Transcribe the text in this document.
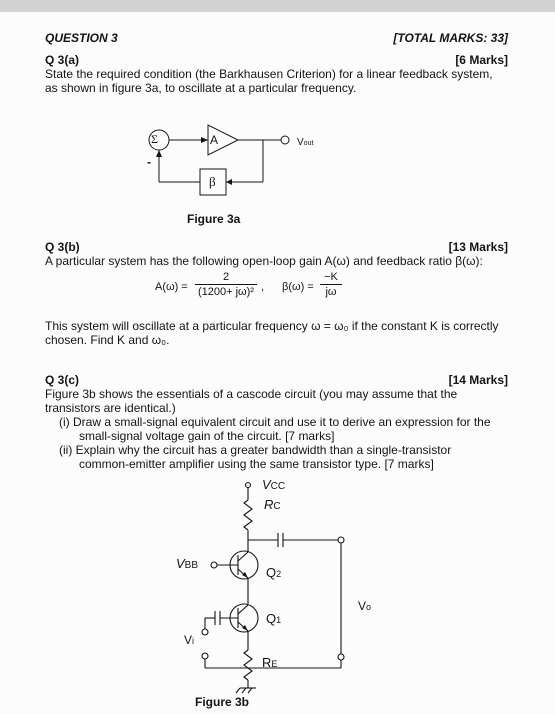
QUESTION 3	[TOTAL MARKS: 33]
Q 3(a)	[6 Marks]
State the required condition (the Barkhausen Criterion) for a linear feedback system,
as shown in figure 3a, to oscillate at a particular frequency.
Σ	A
β
Vout
-
Figure 3a
Q 3(b)	[13 Marks]
A particular system has the following open-loop gain A(ω) and feedback ratio β(ω):
$A(\omega) = \frac{2}{\text{(1200+ jω)²}}$ , $\beta(\omega) = \frac{-K}{j\omega}$
This system will oscillate at a particular frequency ω = ω₀ if the constant K is correctly
chosen. Find K and ω₀.
Q 3(c)	[14 Marks]
Figure 3b shows the essentials of a cascode circuit (you may assume that the
transistors are identical.)
(i) Draw a small-signal equivalent circuit and use it to derive an expression for the
small-signal voltage gain of the circuit. [7 marks]
(ii) Explain why the circuit has a greater bandwidth than a single-transistor
common-emitter amplifier using the same transistor type. [7 marks]
VCC
RC
VBB	Q2
Q1
Vi
RE
Vo
Figure 3b
